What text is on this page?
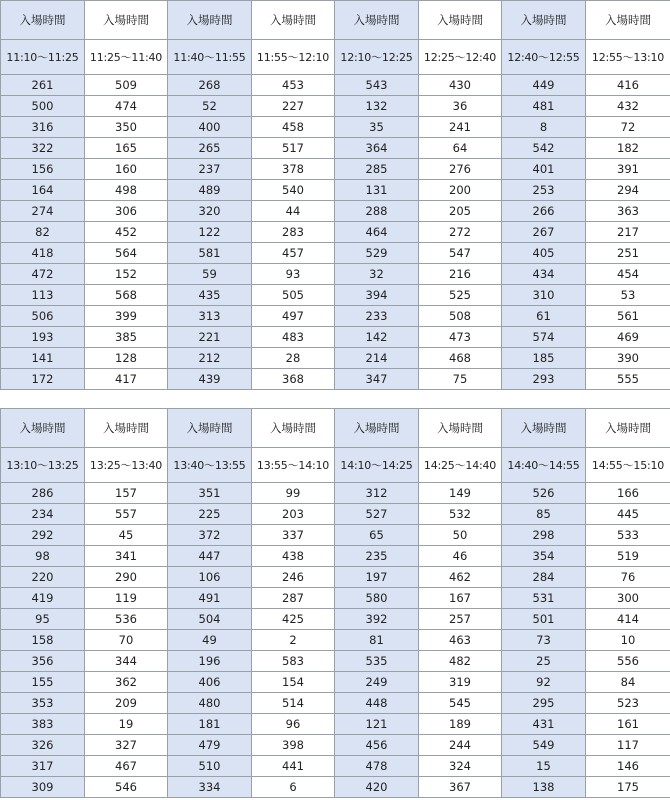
入場時間	入場時間	入場時間	入場時間	入場時間	入場時間	入場時間	入場時間
11:10～11:25	11:25～11:40	11:40～11:55	11:55～12:10	12:10～12:25	12:25～12:40	12:40～12:55	12:55～13:10
261	509	268	453	543	430	449	416
500	474	52	227	132	36	481	432
316	350	400	458	35	241	8	72
322	165	265	517	364	64	542	182
156	160	237	378	285	276	401	391
164	498	489	540	131	200	253	294
274	306	320	44	288	205	266	363
82	452	122	283	464	272	267	217
418	564	581	457	529	547	405	251
472	152	59	93	32	216	434	454
113	568	435	505	394	525	310	53
506	399	313	497	233	508	61	561
193	385	221	483	142	473	574	469
141	128	212	28	214	468	185	390
172	417	439	368	347	75	293	555
入場時間	入場時間	入場時間	入場時間	入場時間	入場時間	入場時間	入場時間
13:10～13:25	13:25～13:40	13:40～13:55	13:55～14:10	14:10～14:25	14:25～14:40	14:40～14:55	14:55～15:10
286	157	351	99	312	149	526	166
234	557	225	203	527	532	85	445
292	45	372	337	65	50	298	533
98	341	447	438	235	46	354	519
220	290	106	246	197	462	284	76
419	119	491	287	580	167	531	300
95	536	504	425	392	257	501	414
158	70	49	2	81	463	73	10
356	344	196	583	535	482	25	556
155	362	406	154	249	319	92	84
353	209	480	514	448	545	295	523
383	19	181	96	121	189	431	161
326	327	479	398	456	244	549	117
317	467	510	441	478	324	15	146
309	546	334	6	420	367	138	175
